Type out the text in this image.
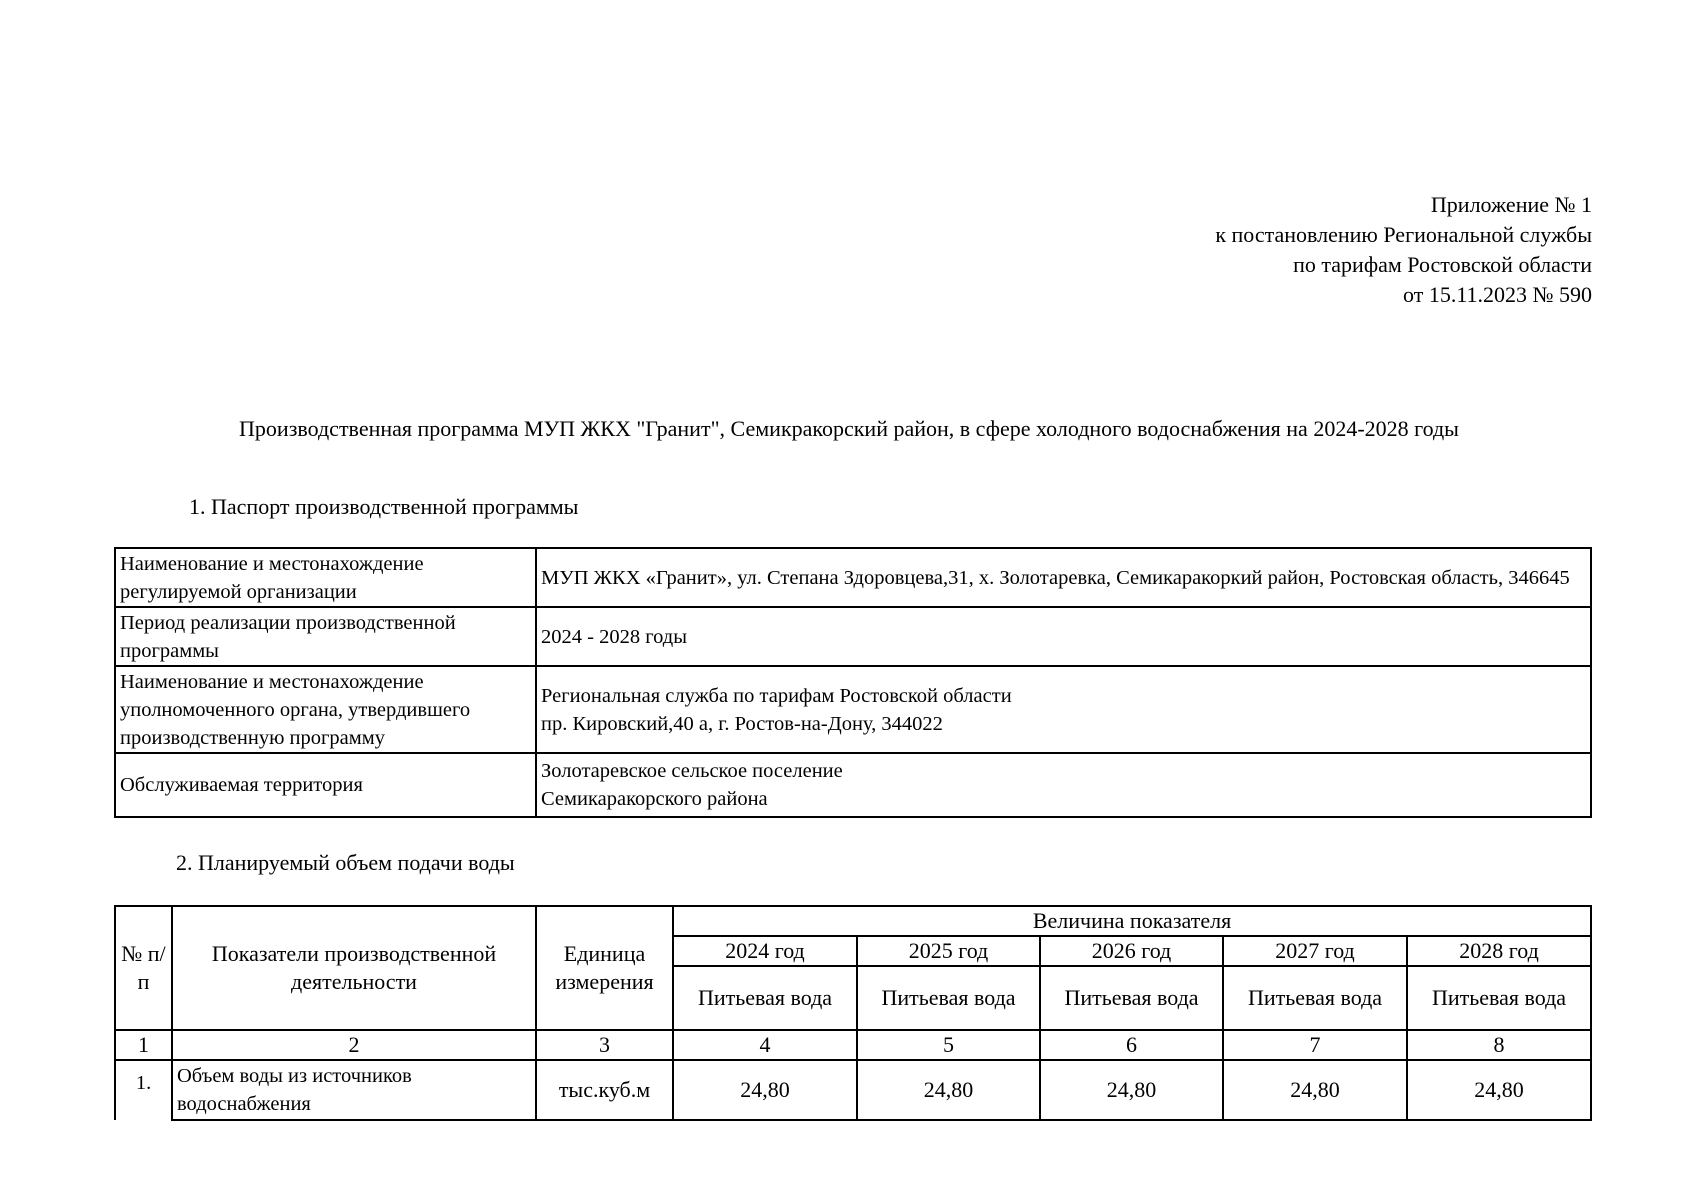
Приложение № 1
к постановлению Региональной службы
по тарифам Ростовской области
от 15.11.2023 № 590
Производственная программа МУП ЖКХ "Гранит", Семикракорский район, в сфере холодного водоснабжения на 2024-2028 годы
1. Паспорт производственной программы
Наименование и местонахождение регулируемой организации	МУП ЖКХ «Гранит», ул. Степана Здоровцева,31, х. Золотаревка, Семикаракоркий район, Ростовская область, 346645
Период реализации производственной программы	2024 - 2028 годы
Наименование и местонахождение уполномоченного органа, утвердившего производственную программу	Региональная служба по тарифам Ростовской области
пр. Кировский,40 а, г. Ростов-на-Дону, 344022

Обслуживаемая территория	Золотаревское сельское поселение
Семикаракорского района
2. Планируемый объем подачи воды
№ п/п	Показатели производственной деятельности	Единица измерения	Величина показателя				
			2024 год	2025 год	2026 год	2027 год	2028 год
			Питьевая вода	Питьевая вода	Питьевая вода	Питьевая вода	Питьевая вода
1	2	3	4	5	6	7	8
1.	Объем воды из источников водоснабжения	тыс.куб.м	24,80	24,80	24,80	24,80	24,80
